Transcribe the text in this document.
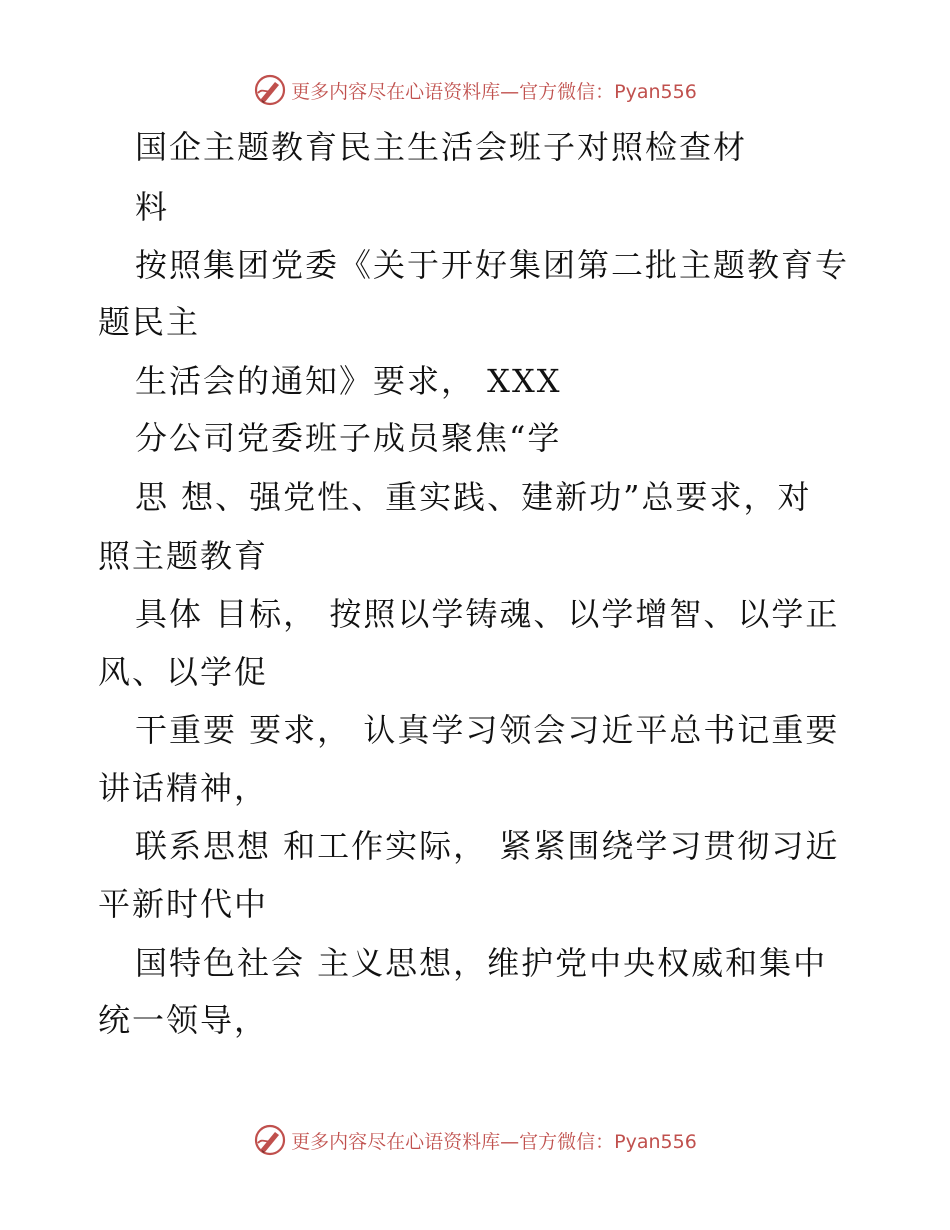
更多内容尽在心语资料库—官方微信：Pyan556
国企主题教育民主生活会班子对照检查材
料
按照集团党委《关于开好集团第二批主题教育专
题民主
生活会的通知》要求， XXX
分公司党委班子成员聚焦“学
思 想、强党性、重实践、建新功”总要求，对
照主题教育
具体 目标， 按照以学铸魂、以学增智、以学正
风、以学促
干重要 要求， 认真学习领会习近平总书记重要
讲话精神，
联系思想 和工作实际， 紧紧围绕学习贯彻习近
平新时代中
国特色社会 主义思想，维护党中央权威和集中
统一领导，
更多内容尽在心语资料库—官方微信：Pyan556
